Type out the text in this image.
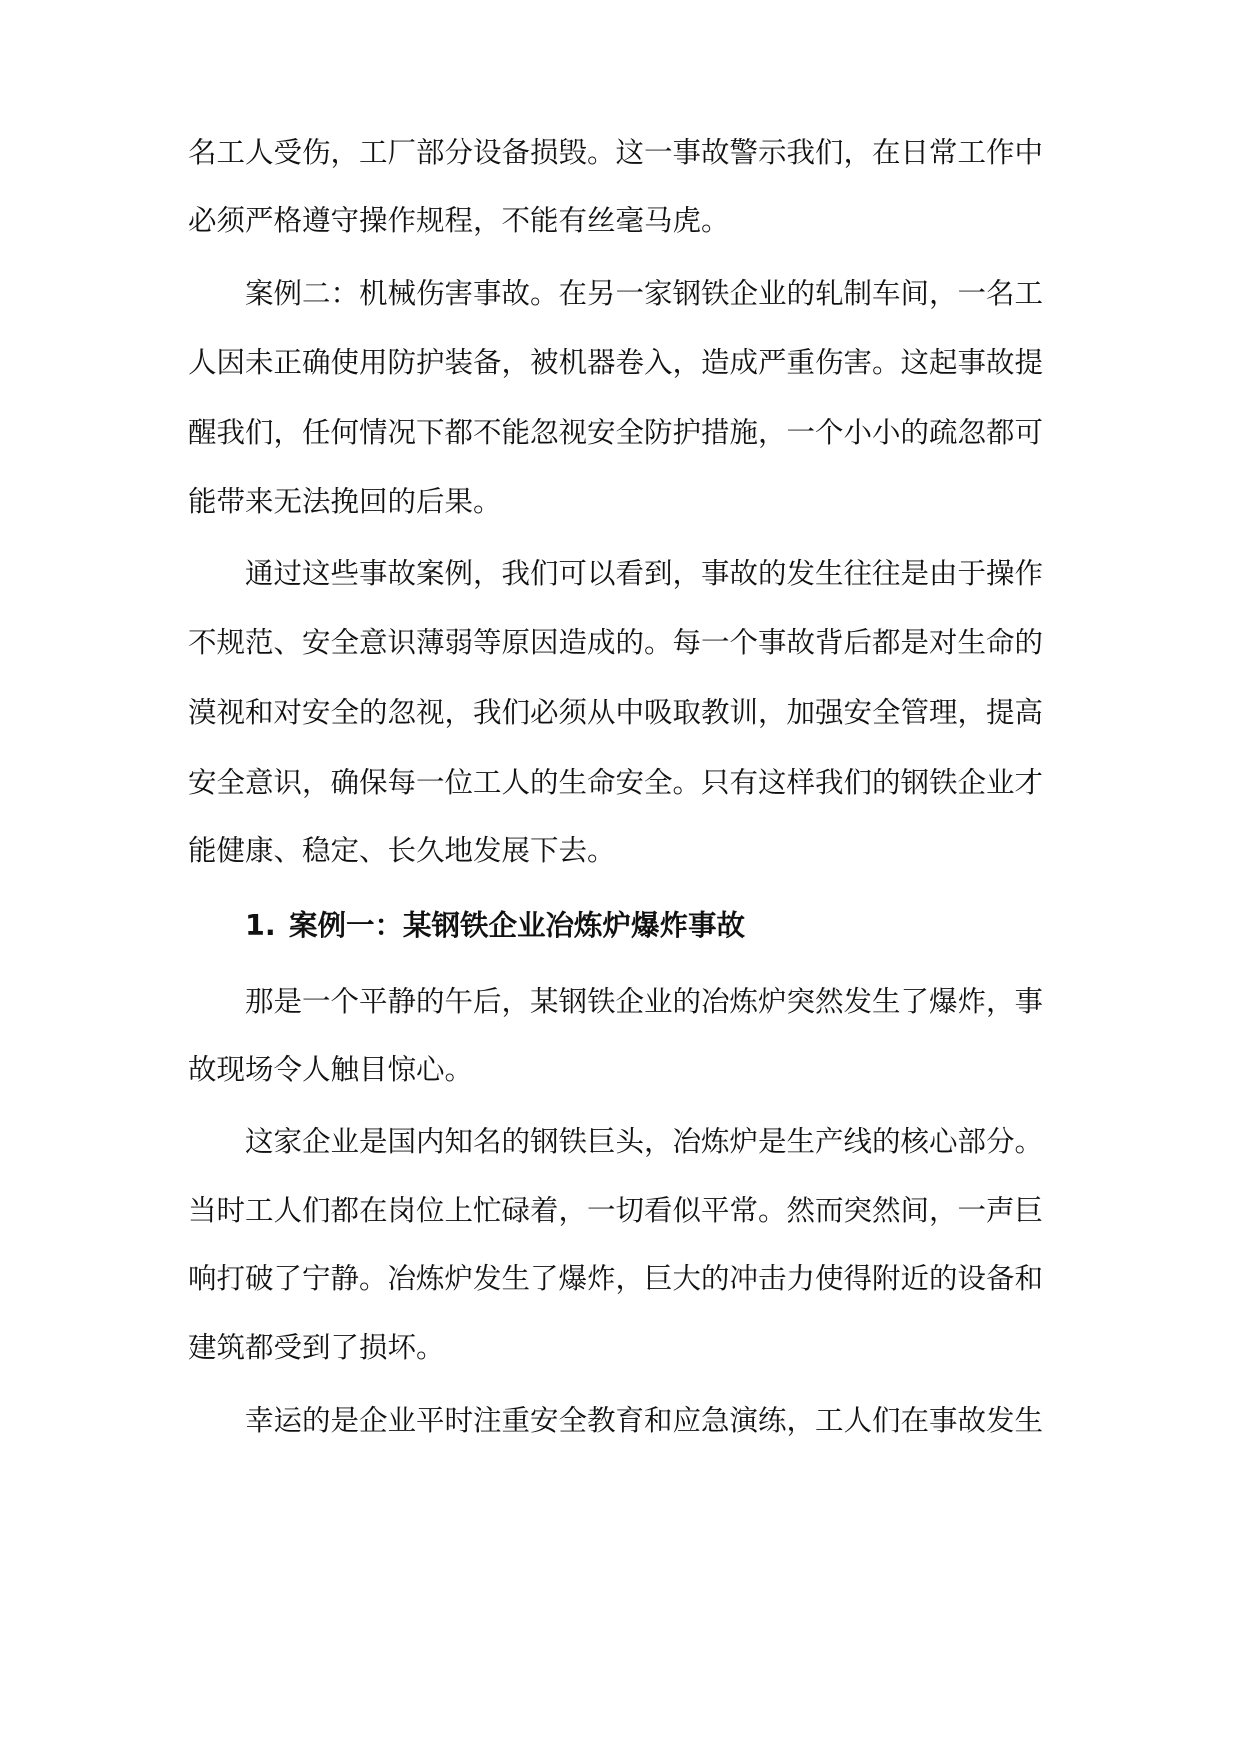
名工人受伤，工厂部分设备损毁。这一事故警示我们，在日常工作中
必须严格遵守操作规程，不能有丝毫马虎。
案例二：机械伤害事故。在另一家钢铁企业的轧制车间，一名工
人因未正确使用防护装备，被机器卷入，造成严重伤害。这起事故提
醒我们，任何情况下都不能忽视安全防护措施，一个小小的疏忽都可
能带来无法挽回的后果。
通过这些事故案例，我们可以看到，事故的发生往往是由于操作
不规范、安全意识薄弱等原因造成的。每一个事故背后都是对生命的
漠视和对安全的忽视，我们必须从中吸取教训，加强安全管理，提高
安全意识，确保每一位工人的生命安全。只有这样我们的钢铁企业才
能健康、稳定、长久地发展下去。
那是一个平静的午后，某钢铁企业的冶炼炉突然发生了爆炸，事
故现场令人触目惊心。
这家企业是国内知名的钢铁巨头，冶炼炉是生产线的核心部分。
当时工人们都在岗位上忙碌着，一切看似平常。然而突然间，一声巨
响打破了宁静。冶炼炉发生了爆炸，巨大的冲击力使得附近的设备和
建筑都受到了损坏。
幸运的是企业平时注重安全教育和应急演练，工人们在事故发生
1. 案例一：某钢铁企业冶炼炉爆炸事故
